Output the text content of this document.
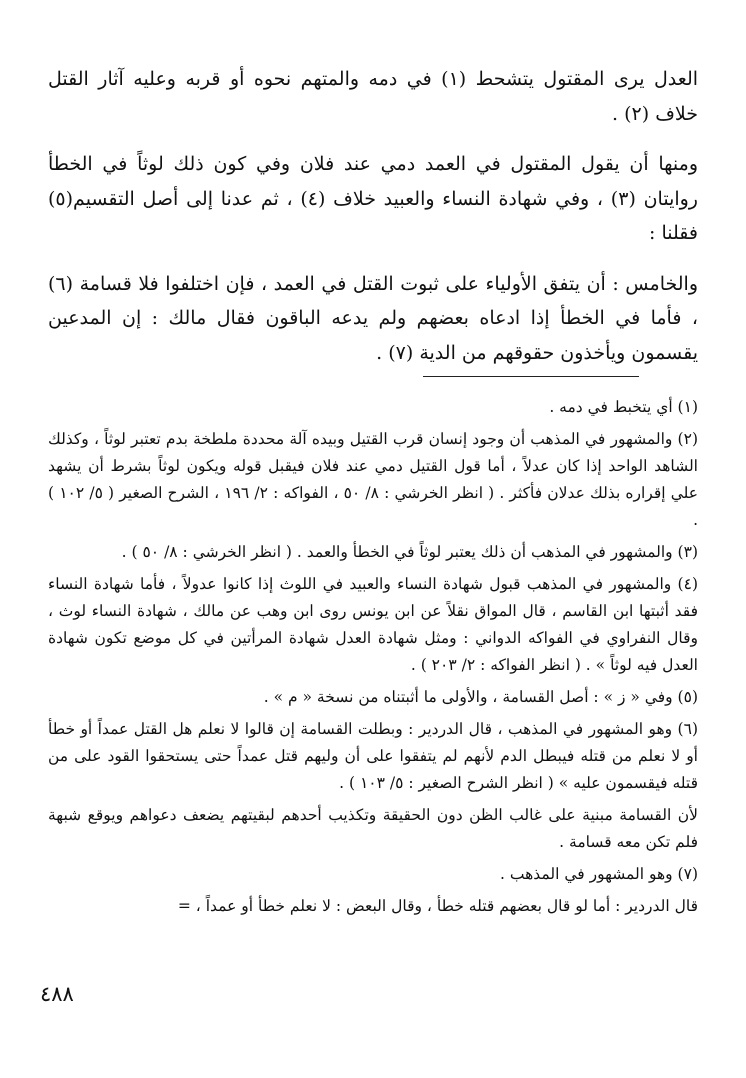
العدل يرى المقتول يتشحط (١) في دمه والمتهم نحوه أو قربه وعليه آثار القتل خلاف (٢) .

ومنها أن يقول المقتول في العمد دمي عند فلان وفي كون ذلك لوثاً في الخطأ روايتان (٣) ، وفي شهادة النساء والعبيد خلاف (٤) ، ثم عدنا إلى أصل التقسيم(٥) فقلنا :

والخامس : أن يتفق الأولياء على ثبوت القتل في العمد ، فإن اختلفوا فلا قسامة (٦) ، فأما في الخطأ إذا ادعاه بعضهم ولم يدعه الباقون فقال مالك : إن المدعين يقسمون ويأخذون حقوقهم من الدية (٧) .

(١) أي يتخبط في دمه .

(٢) والمشهور في المذهب أن وجود إنسان قرب القتيل وبيده آلة محددة ملطخة بدم تعتبر لوثاً ، وكذلك الشاهد الواحد إذا كان عدلاً ، أما قول القتيل دمي عند فلان فيقبل قوله ويكون لوثاً بشرط أن يشهد علي إقراره بذلك عدلان فأكثر . ( انظر الخرشي : ٨/ ٥٠ ، الفواكه : ٢/ ١٩٦ ، الشرح الصغير ( ٥/ ١٠٢ ) .

(٣) والمشهور في المذهب أن ذلك يعتبر لوثاً في الخطأ والعمد . ( انظر الخرشي : ٨/ ٥٠ ) .

(٤) والمشهور في المذهب قبول شهادة النساء والعبيد في اللوث إذا كانوا عدولاً ، فأما شهادة النساء فقد أثبتها ابن القاسم ، قال المواق نقلاً عن ابن يونس روى ابن وهب عن مالك ، شهادة النساء لوث ، وقال النفراوي في الفواكه الدواني : ومثل شهادة العدل شهادة المرأتين في كل موضع تكون شهادة العدل فيه لوثاً » . ( انظر الفواكه : ٢/ ٢٠٣ ) .

(٥) وفي « ز » : أصل القسامة ، والأولى ما أثبتناه من نسخة « م » .

(٦) وهو المشهور في المذهب ، قال الدردير : وبطلت القسامة إن قالوا لا نعلم هل القتل عمداً أو خطأ أو لا نعلم من قتله فيبطل الدم لأنهم لم يتفقوا على أن وليهم قتل عمداً حتى يستحقوا القود على من قتله فيقسمون عليه » ( انظر الشرح الصغير : ٥/ ١٠٣ ) .

لأن القسامة مبنية على غالب الظن دون الحقيقة وتكذيب أحدهم لبقيتهم يضعف دعواهم ويوقع شبهة فلم تكن معه قسامة .

(٧) وهو المشهور في المذهب .

قال الدردير : أما لو قال بعضهم قتله خطأ ، وقال البعض : لا نعلم خطأ أو عمداً ، =

٤٨٨
